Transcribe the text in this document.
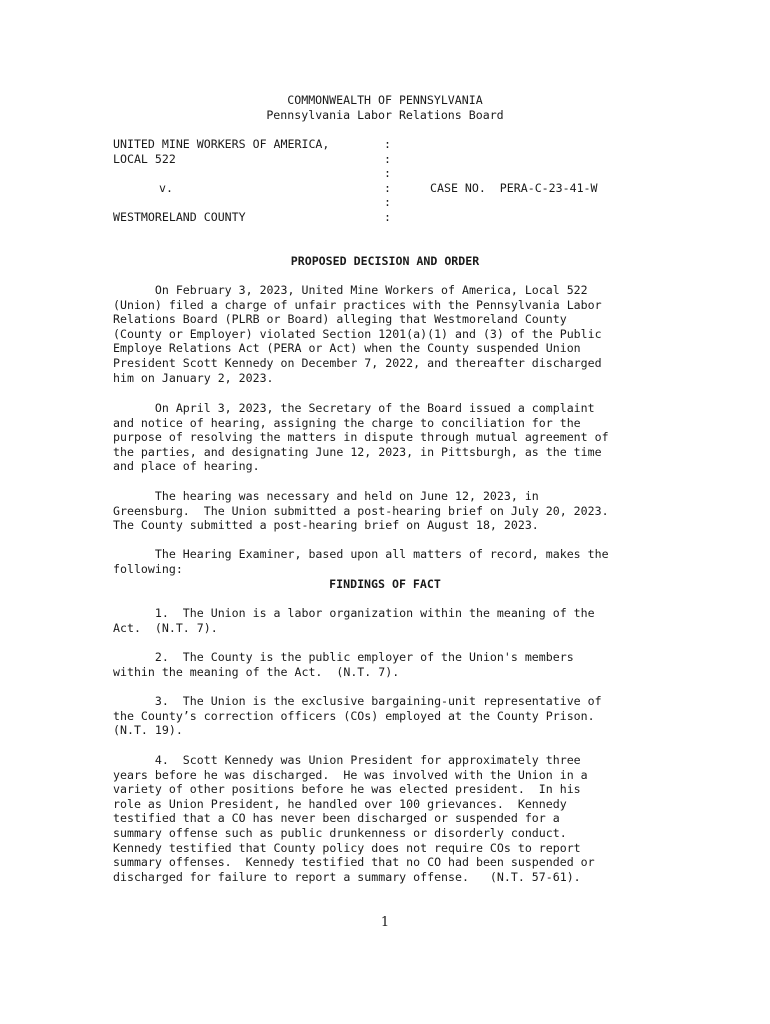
COMMONWEALTH OF PENNSYLVANIA
Pennsylvania Labor Relations Board
UNITED MINE WORKERS OF AMERICA,	:
LOCAL 522	:
:
v.	:	CASE NO.  PERA-C-23-41-W
:
WESTMORELAND COUNTY	:
PROPOSED DECISION AND ORDER
On February 3, 2023, United Mine Workers of America, Local 522
(Union) filed a charge of unfair practices with the Pennsylvania Labor
Relations Board (PLRB or Board) alleging that Westmoreland County
(County or Employer) violated Section 1201(a)(1) and (3) of the Public
Employe Relations Act (PERA or Act) when the County suspended Union
President Scott Kennedy on December 7, 2022, and thereafter discharged
him on January 2, 2023.
On April 3, 2023, the Secretary of the Board issued a complaint
and notice of hearing, assigning the charge to conciliation for the
purpose of resolving the matters in dispute through mutual agreement of
the parties, and designating June 12, 2023, in Pittsburgh, as the time
and place of hearing.
The hearing was necessary and held on June 12, 2023, in
Greensburg.  The Union submitted a post-hearing brief on July 20, 2023.
The County submitted a post-hearing brief on August 18, 2023.
The Hearing Examiner, based upon all matters of record, makes the
following:
FINDINGS OF FACT
1.  The Union is a labor organization within the meaning of the
Act.  (N.T. 7).
2.  The County is the public employer of the Union's members
within the meaning of the Act.  (N.T. 7).
3.  The Union is the exclusive bargaining-unit representative of
the County’s correction officers (COs) employed at the County Prison.
(N.T. 19).
4.  Scott Kennedy was Union President for approximately three
years before he was discharged.  He was involved with the Union in a
variety of other positions before he was elected president.  In his
role as Union President, he handled over 100 grievances.  Kennedy
testified that a CO has never been discharged or suspended for a
summary offense such as public drunkenness or disorderly conduct.
Kennedy testified that County policy does not require COs to report
summary offenses.  Kennedy testified that no CO had been suspended or
discharged for failure to report a summary offense.   (N.T. 57-61).
1
